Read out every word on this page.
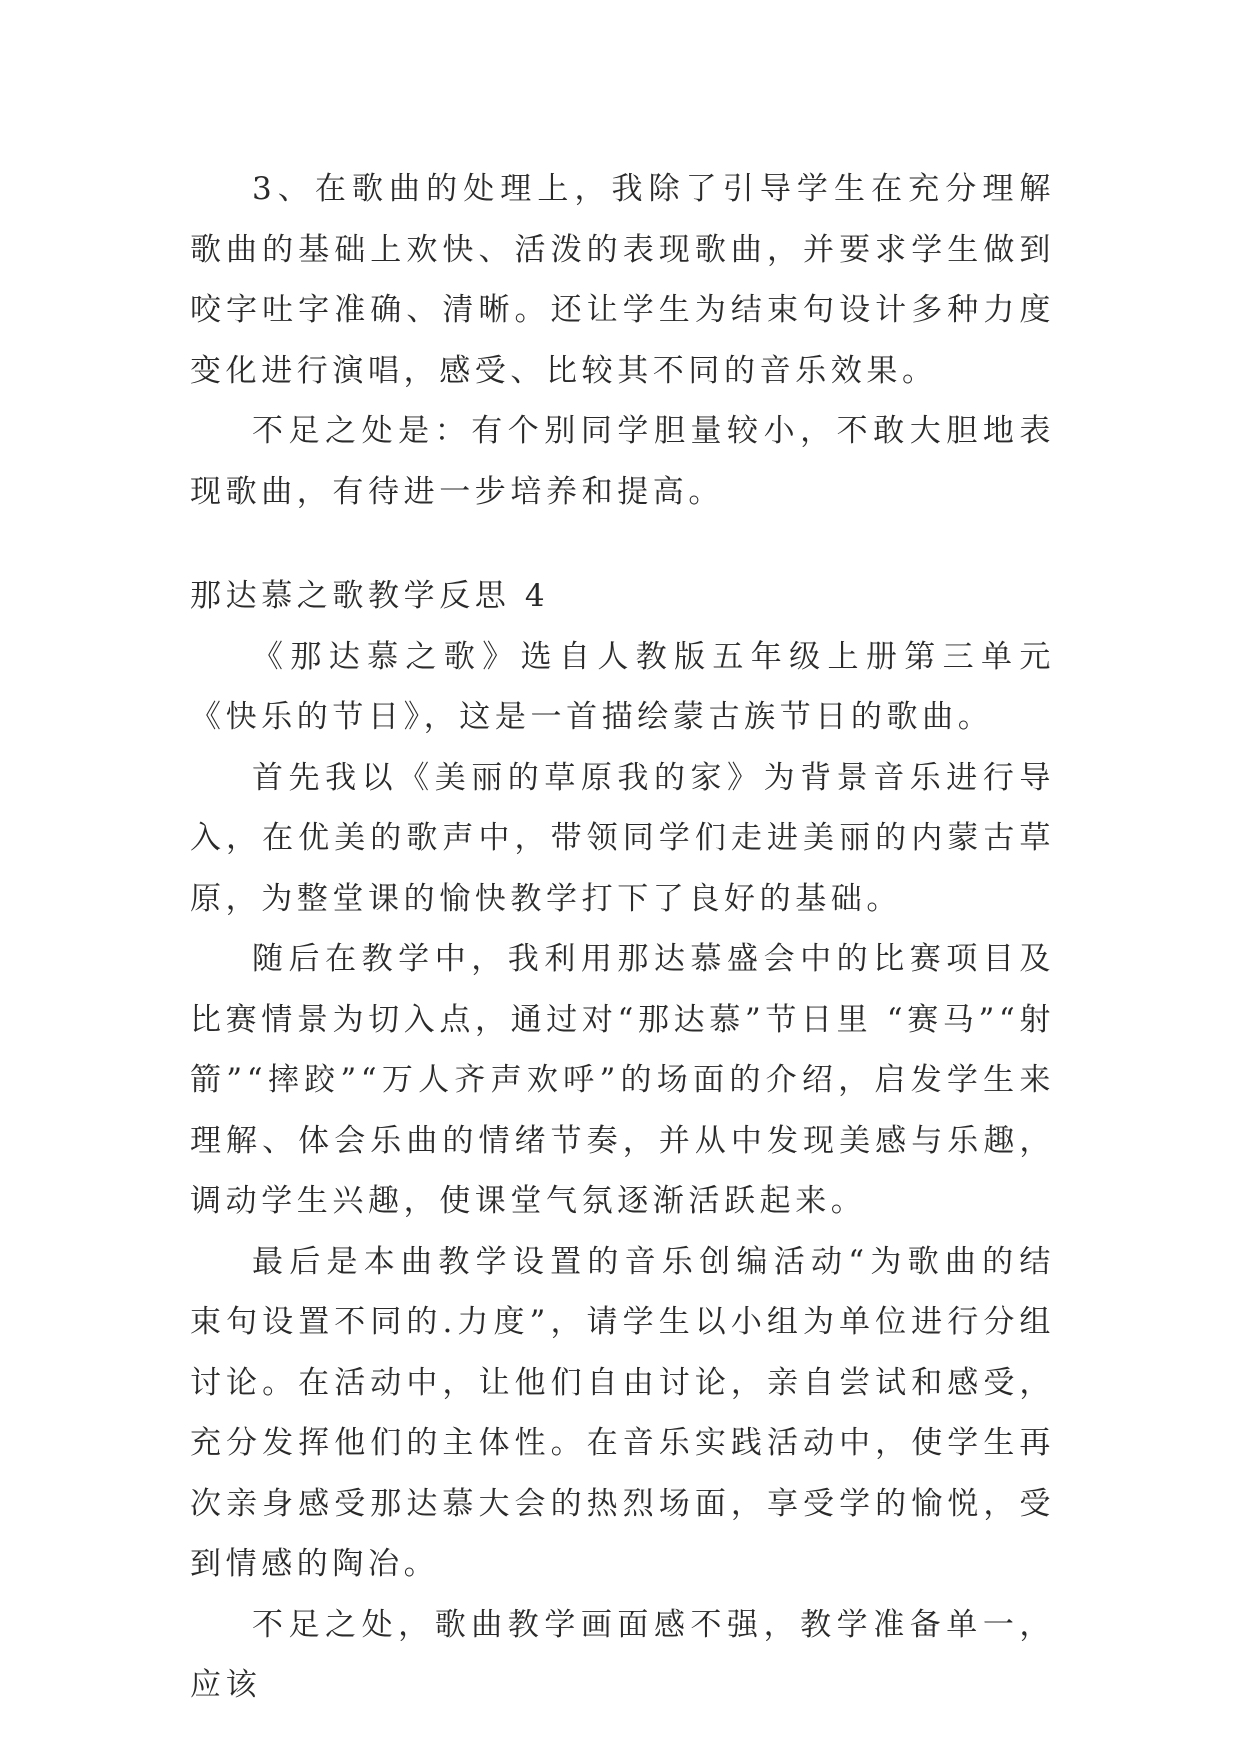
3、在歌曲的处理上，我除了引导学生在充分理解歌曲的基础上欢快、活泼的表现歌曲，并要求学生做到咬字吐字准确、清晰。还让学生为结束句设计多种力度变化进行演唱，感受、比较其不同的音乐效果。

不足之处是：有个别同学胆量较小，不敢大胆地表现歌曲，有待进一步培养和提高。

那达慕之歌教学反思 4

《那达慕之歌》选自人教版五年级上册第三单元《快乐的节日》，这是一首描绘蒙古族节日的歌曲。

首先我以《美丽的草原我的家》为背景音乐进行导入，在优美的歌声中，带领同学们走进美丽的内蒙古草原，为整堂课的愉快教学打下了良好的基础。

随后在教学中，我利用那达慕盛会中的比赛项目及比赛情景为切入点，通过对“那达慕”节日里 “赛马”“射箭”“摔跤”“万人齐声欢呼”的场面的介绍，启发学生来理解、体会乐曲的情绪节奏，并从中发现美感与乐趣，调动学生兴趣，使课堂气氛逐渐活跃起来。

最后是本曲教学设置的音乐创编活动“为歌曲的结束句设置不同的.力度”，请学生以小组为单位进行分组讨论。在活动中，让他们自由讨论，亲自尝试和感受，充分发挥他们的主体性。在音乐实践活动中，使学生再次亲身感受那达慕大会的热烈场面，享受学的愉悦，受到情感的陶冶。

不足之处，歌曲教学画面感不强，教学准备单一，应该
